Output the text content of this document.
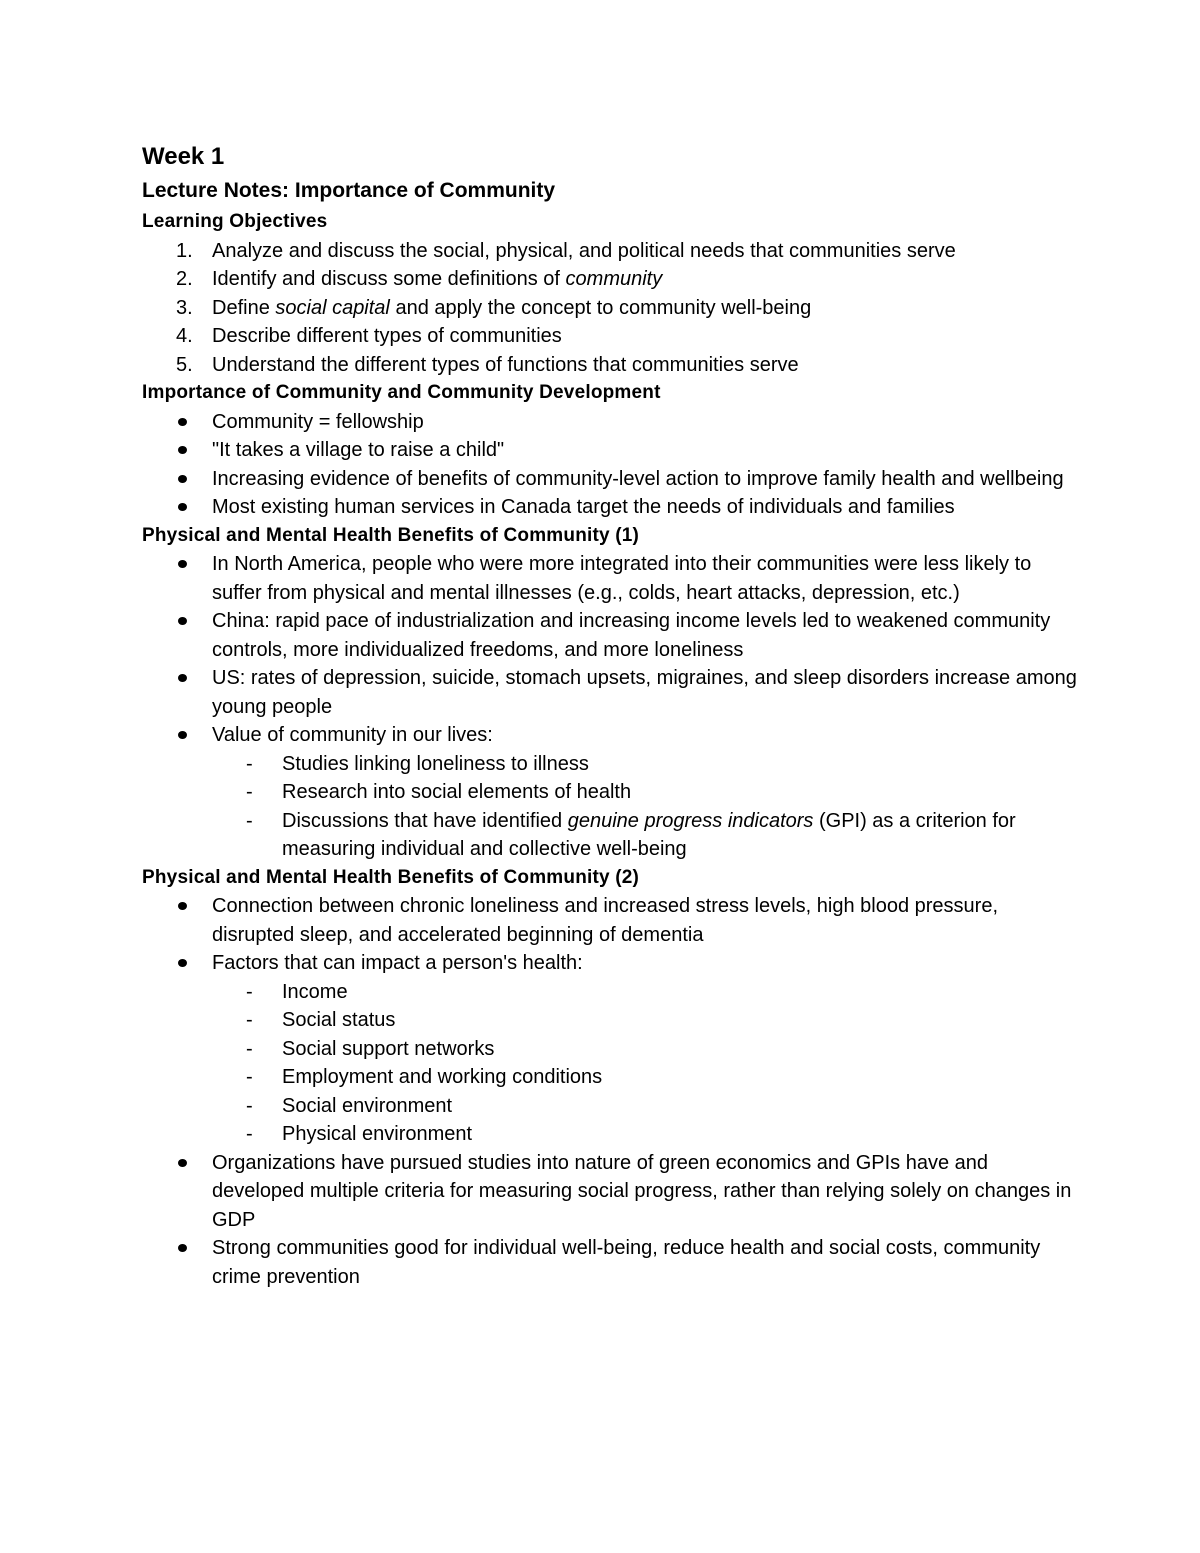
Week 1
Lecture Notes: Importance of Community
Learning Objectives
1. Analyze and discuss the social, physical, and political needs that communities serve
2. Identify and discuss some definitions of community
3. Define social capital and apply the concept to community well-being
4. Describe different types of communities
5. Understand the different types of functions that communities serve
Importance of Community and Community Development
Community = fellowship
"It takes a village to raise a child"
Increasing evidence of benefits of community-level action to improve family health and wellbeing
Most existing human services in Canada target the needs of individuals and families
Physical and Mental Health Benefits of Community (1)
In North America, people who were more integrated into their communities were less likely to suffer from physical and mental illnesses (e.g., colds, heart attacks, depression, etc.)
China: rapid pace of industrialization and increasing income levels led to weakened community controls, more individualized freedoms, and more loneliness
US: rates of depression, suicide, stomach upsets, migraines, and sleep disorders increase among young people
Value of community in our lives:
- Studies linking loneliness to illness
- Research into social elements of health
- Discussions that have identified genuine progress indicators (GPI) as a criterion for measuring individual and collective well-being
Physical and Mental Health Benefits of Community (2)
Connection between chronic loneliness and increased stress levels, high blood pressure, disrupted sleep, and accelerated beginning of dementia
Factors that can impact a person's health:
- Income
- Social status
- Social support networks
- Employment and working conditions
- Social environment
- Physical environment
Organizations have pursued studies into nature of green economics and GPIs have and developed multiple criteria for measuring social progress, rather than relying solely on changes in GDP
Strong communities good for individual well-being, reduce health and social costs, community crime prevention
